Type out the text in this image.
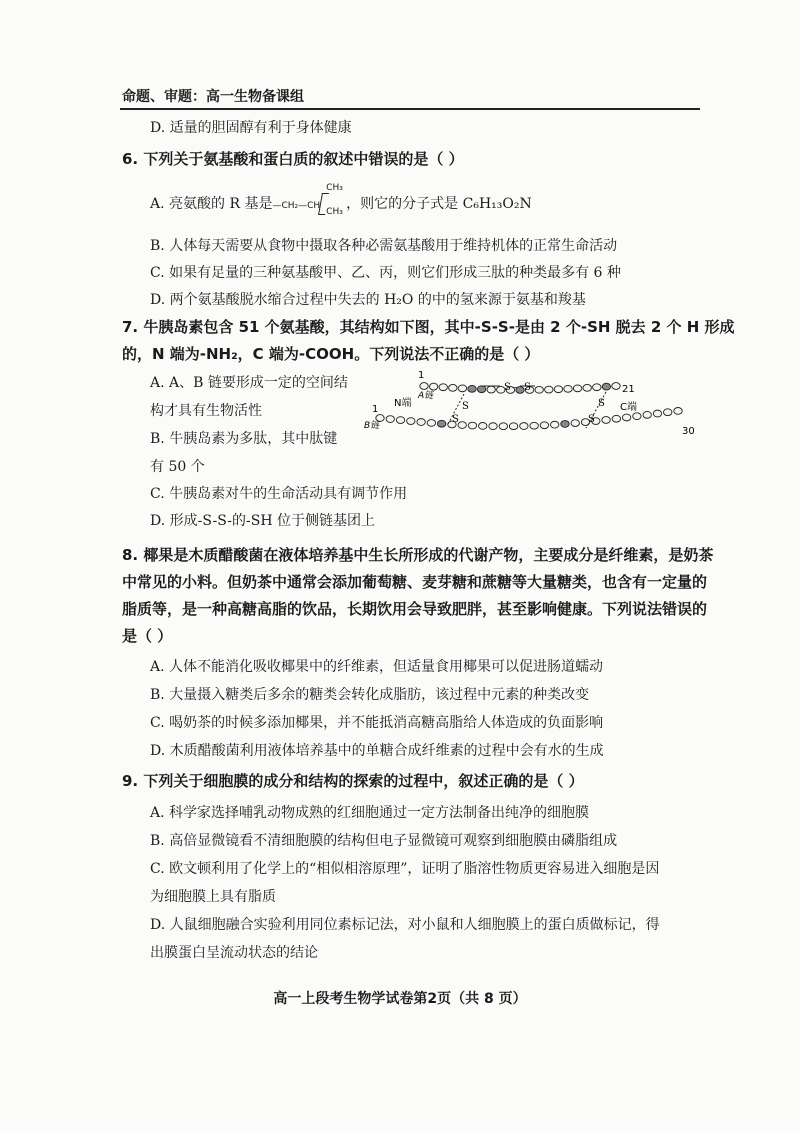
命题、审题：高一生物备课组
D. 适量的胆固醇有利于身体健康
6. 下列关于氨基酸和蛋白质的叙述中错误的是（ ）
A. 亮氨酸的 R 基是—CH₂—CH
CH₃
CH₃ ，则它的分子式是 C₆H₁₃O₂N
B. 人体每天需要从食物中摄取各种必需氨基酸用于维持机体的正常生命活动
C. 如果有足量的三种氨基酸甲、乙、丙，则它们形成三肽的种类最多有 6 种
D. 两个氨基酸脱水缩合过程中失去的 H₂O 的中的氢来源于氨基和羧基
7. 牛胰岛素包含 51 个氨基酸，其结构如下图，其中-S-S-是由 2 个-SH 脱去 2 个 H 形成
的，N 端为-NH₂，C 端为-COOH。下列说法不正确的是（ ）
A. A、B 链要形成一定的空间结
构才具有生物活性
B. 牛胰岛素为多肽，其中肽键
有 50 个
C. 牛胰岛素对牛的生命活动具有调节作用
D. 形成-S-S-的-SH 位于侧链基团上
S – S
S
S
S
S
1
A链
N端
1
B链
21
C端
30
8. 椰果是木质醋酸菌在液体培养基中生长所形成的代谢产物，主要成分是纤维素，是奶茶
中常见的小料。但奶茶中通常会添加葡萄糖、麦芽糖和蔗糖等大量糖类，也含有一定量的
脂质等，是一种高糖高脂的饮品，长期饮用会导致肥胖，甚至影响健康。下列说法错误的
是（ ）
A. 人体不能消化吸收椰果中的纤维素，但适量食用椰果可以促进肠道蠕动
B. 大量摄入糖类后多余的糖类会转化成脂肪，该过程中元素的种类改变
C. 喝奶茶的时候多添加椰果，并不能抵消高糖高脂给人体造成的负面影响
D. 木质醋酸菌利用液体培养基中的单糖合成纤维素的过程中会有水的生成
9. 下列关于细胞膜的成分和结构的探索的过程中，叙述正确的是（ ）
A. 科学家选择哺乳动物成熟的红细胞通过一定方法制备出纯净的细胞膜
B. 高倍显微镜看不清细胞膜的结构但电子显微镜可观察到细胞膜由磷脂组成
C. 欧文顿利用了化学上的“相似相溶原理”，证明了脂溶性物质更容易进入细胞是因
为细胞膜上具有脂质
D. 人鼠细胞融合实验利用同位素标记法，对小鼠和人细胞膜上的蛋白质做标记，得
出膜蛋白呈流动状态的结论
高一上段考生物学试卷第2页（共 8 页）
